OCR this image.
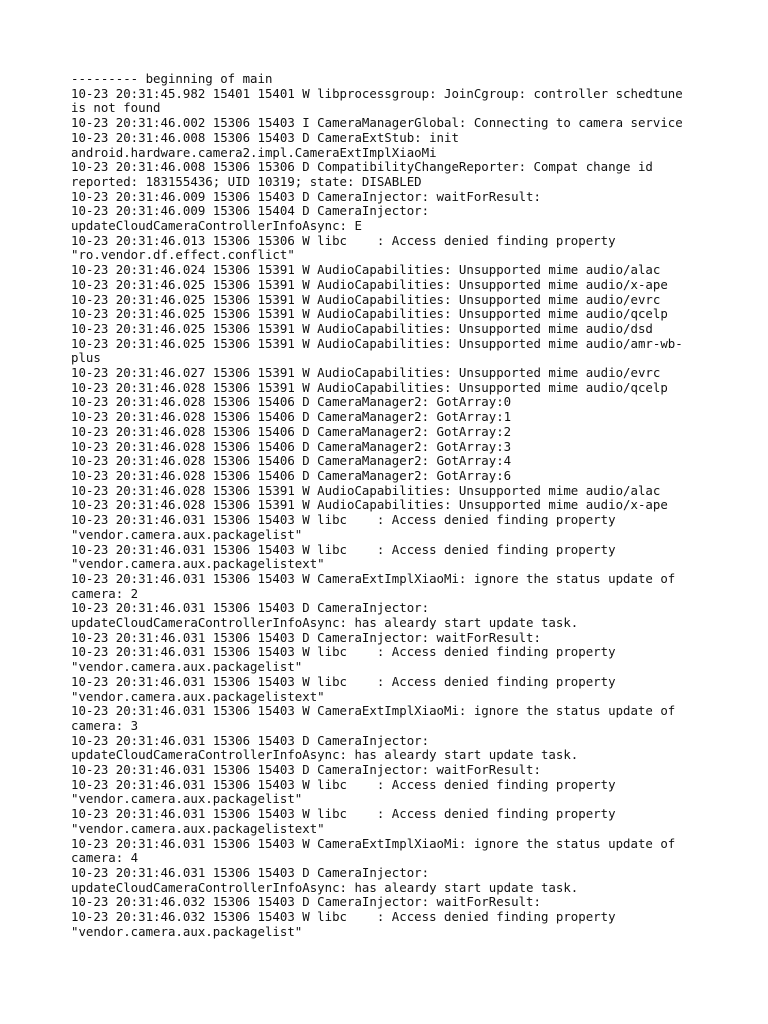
--------- beginning of main
10-23 20:31:45.982 15401 15401 W libprocessgroup: JoinCgroup: controller schedtune
is not found
10-23 20:31:46.002 15306 15403 I CameraManagerGlobal: Connecting to camera service
10-23 20:31:46.008 15306 15403 D CameraExtStub: init
android.hardware.camera2.impl.CameraExtImplXiaoMi
10-23 20:31:46.008 15306 15306 D CompatibilityChangeReporter: Compat change id
reported: 183155436; UID 10319; state: DISABLED
10-23 20:31:46.009 15306 15403 D CameraInjector: waitForResult:
10-23 20:31:46.009 15306 15404 D CameraInjector:
updateCloudCameraControllerInfoAsync: E
10-23 20:31:46.013 15306 15306 W libc    : Access denied finding property
"ro.vendor.df.effect.conflict"
10-23 20:31:46.024 15306 15391 W AudioCapabilities: Unsupported mime audio/alac
10-23 20:31:46.025 15306 15391 W AudioCapabilities: Unsupported mime audio/x-ape
10-23 20:31:46.025 15306 15391 W AudioCapabilities: Unsupported mime audio/evrc
10-23 20:31:46.025 15306 15391 W AudioCapabilities: Unsupported mime audio/qcelp
10-23 20:31:46.025 15306 15391 W AudioCapabilities: Unsupported mime audio/dsd
10-23 20:31:46.025 15306 15391 W AudioCapabilities: Unsupported mime audio/amr-wb-
plus
10-23 20:31:46.027 15306 15391 W AudioCapabilities: Unsupported mime audio/evrc
10-23 20:31:46.028 15306 15391 W AudioCapabilities: Unsupported mime audio/qcelp
10-23 20:31:46.028 15306 15406 D CameraManager2: GotArray:0
10-23 20:31:46.028 15306 15406 D CameraManager2: GotArray:1
10-23 20:31:46.028 15306 15406 D CameraManager2: GotArray:2
10-23 20:31:46.028 15306 15406 D CameraManager2: GotArray:3
10-23 20:31:46.028 15306 15406 D CameraManager2: GotArray:4
10-23 20:31:46.028 15306 15406 D CameraManager2: GotArray:6
10-23 20:31:46.028 15306 15391 W AudioCapabilities: Unsupported mime audio/alac
10-23 20:31:46.028 15306 15391 W AudioCapabilities: Unsupported mime audio/x-ape
10-23 20:31:46.031 15306 15403 W libc    : Access denied finding property
"vendor.camera.aux.packagelist"
10-23 20:31:46.031 15306 15403 W libc    : Access denied finding property
"vendor.camera.aux.packagelistext"
10-23 20:31:46.031 15306 15403 W CameraExtImplXiaoMi: ignore the status update of
camera: 2
10-23 20:31:46.031 15306 15403 D CameraInjector:
updateCloudCameraControllerInfoAsync: has aleardy start update task.
10-23 20:31:46.031 15306 15403 D CameraInjector: waitForResult:
10-23 20:31:46.031 15306 15403 W libc    : Access denied finding property
"vendor.camera.aux.packagelist"
10-23 20:31:46.031 15306 15403 W libc    : Access denied finding property
"vendor.camera.aux.packagelistext"
10-23 20:31:46.031 15306 15403 W CameraExtImplXiaoMi: ignore the status update of
camera: 3
10-23 20:31:46.031 15306 15403 D CameraInjector:
updateCloudCameraControllerInfoAsync: has aleardy start update task.
10-23 20:31:46.031 15306 15403 D CameraInjector: waitForResult:
10-23 20:31:46.031 15306 15403 W libc    : Access denied finding property
"vendor.camera.aux.packagelist"
10-23 20:31:46.031 15306 15403 W libc    : Access denied finding property
"vendor.camera.aux.packagelistext"
10-23 20:31:46.031 15306 15403 W CameraExtImplXiaoMi: ignore the status update of
camera: 4
10-23 20:31:46.031 15306 15403 D CameraInjector:
updateCloudCameraControllerInfoAsync: has aleardy start update task.
10-23 20:31:46.032 15306 15403 D CameraInjector: waitForResult:
10-23 20:31:46.032 15306 15403 W libc    : Access denied finding property
"vendor.camera.aux.packagelist"
